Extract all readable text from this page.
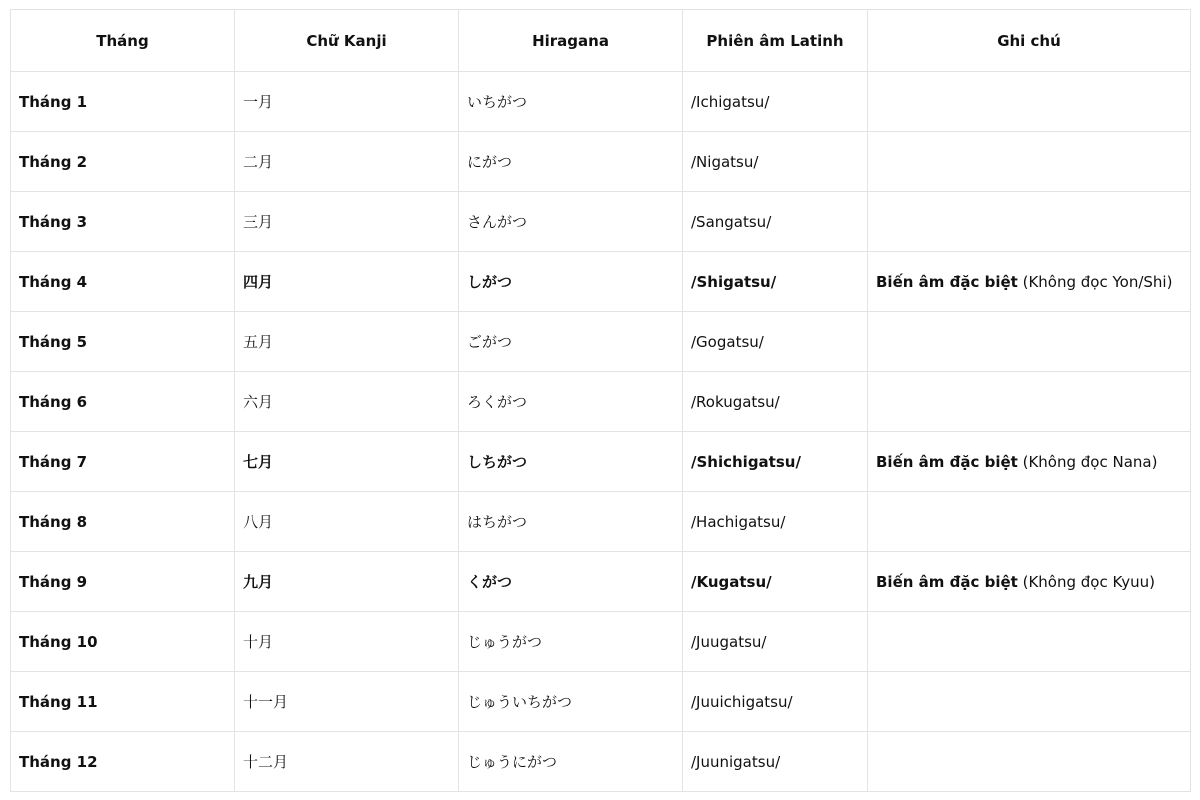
Tháng	Chữ Kanji	Hiragana	Phiên âm Latinh	Ghi chú
Tháng 1	一月	いちがつ	/Ichigatsu/	
Tháng 2	二月	にがつ	/Nigatsu/	
Tháng 3	三月	さんがつ	/Sangatsu/	
Tháng 4	四月	しがつ	/Shigatsu/	Biến âm đặc biệt (Không đọc Yon/Shi)
Tháng 5	五月	ごがつ	/Gogatsu/	
Tháng 6	六月	ろくがつ	/Rokugatsu/	
Tháng 7	七月	しちがつ	/Shichigatsu/	Biến âm đặc biệt (Không đọc Nana)
Tháng 8	八月	はちがつ	/Hachigatsu/	
Tháng 9	九月	くがつ	/Kugatsu/	Biến âm đặc biệt (Không đọc Kyuu)
Tháng 10	十月	じゅうがつ	/Juugatsu/	
Tháng 11	十一月	じゅういちがつ	/Juuichigatsu/	
Tháng 12	十二月	じゅうにがつ	/Juunigatsu/	
